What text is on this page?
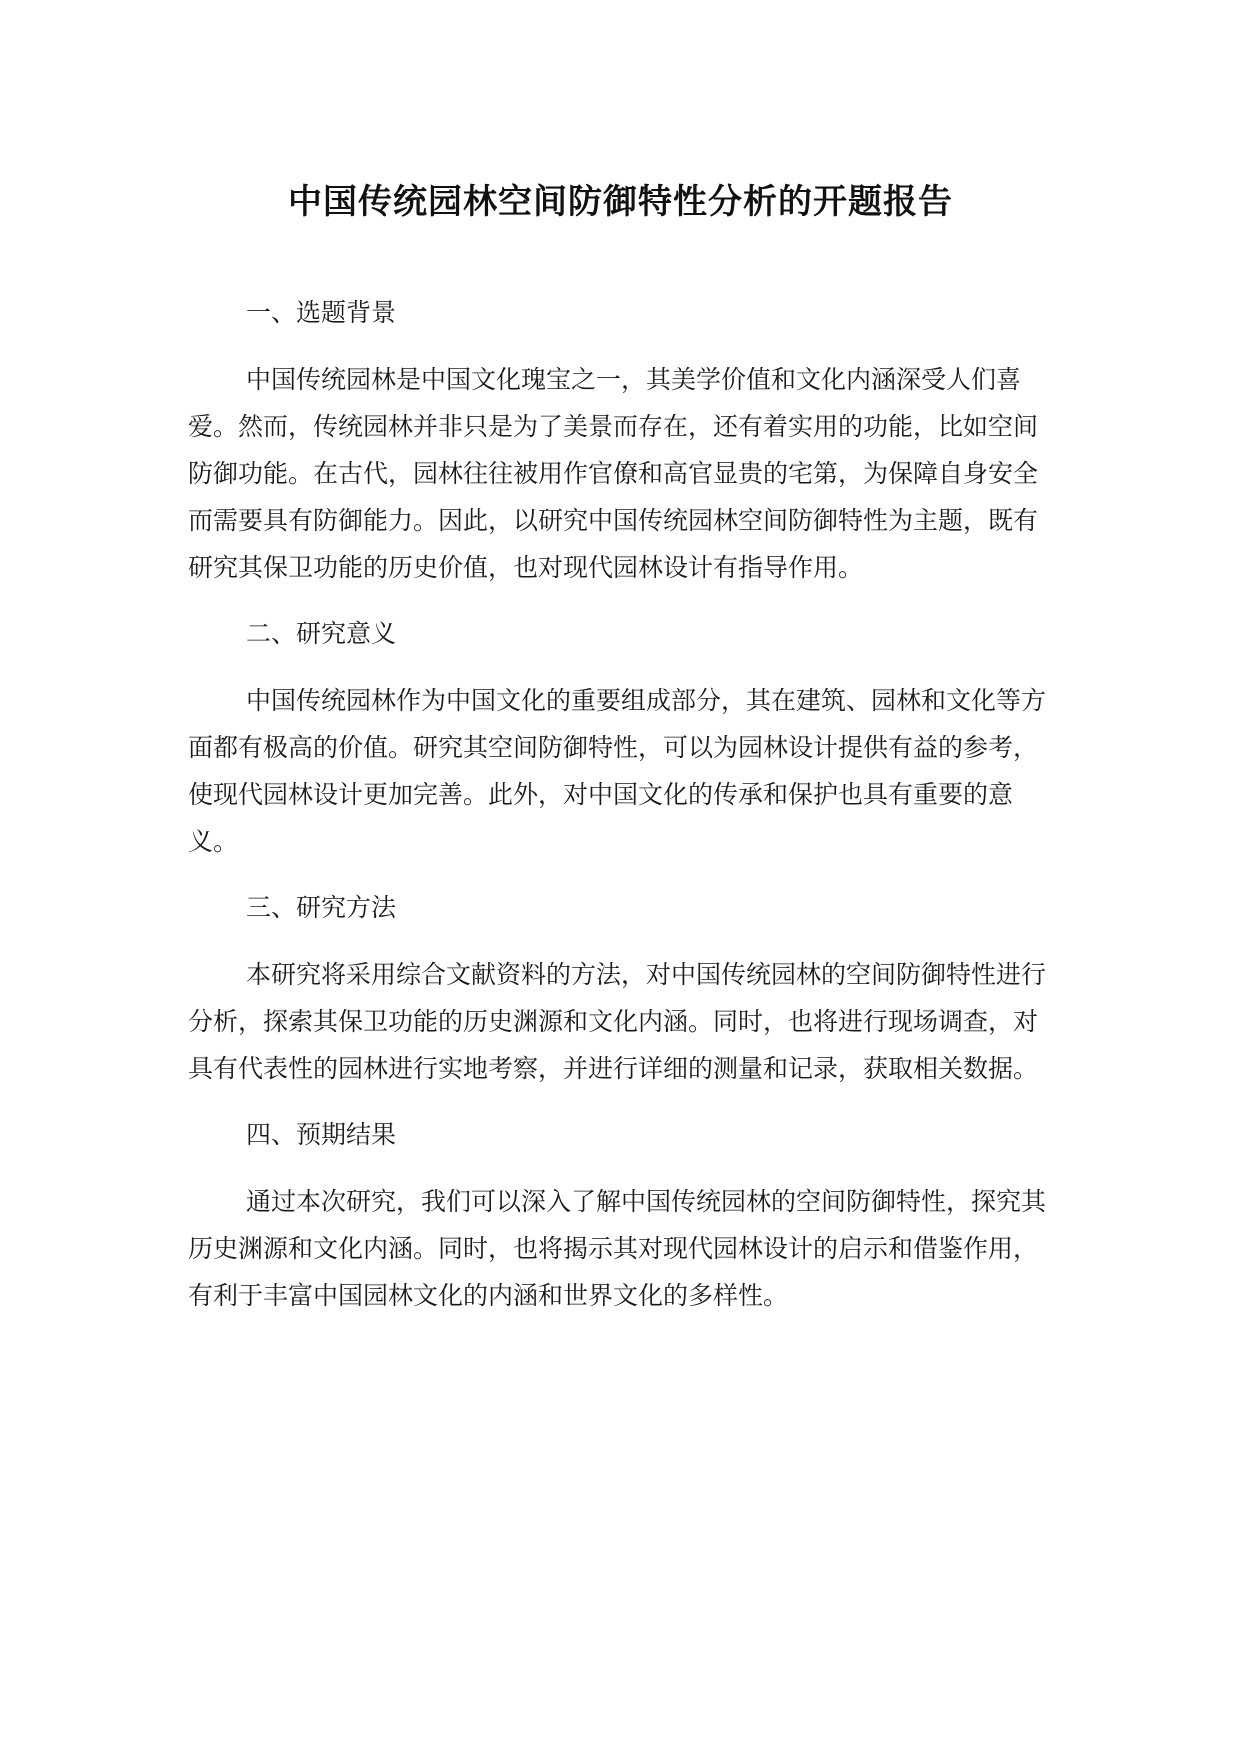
中国传统园林空间防御特性分析的开题报告
一、选题背景
中国传统园林是中国文化瑰宝之一，其美学价值和文化内涵深受人们喜爱。然而，传统园林并非只是为了美景而存在，还有着实用的功能，比如空间防御功能。在古代，园林往往被用作官僚和高官显贵的宅第，为保障自身安全而需要具有防御能力。因此，以研究中国传统园林空间防御特性为主题，既有研究其保卫功能的历史价值，也对现代园林设计有指导作用。
二、研究意义
中国传统园林作为中国文化的重要组成部分，其在建筑、园林和文化等方面都有极高的价值。研究其空间防御特性，可以为园林设计提供有益的参考，使现代园林设计更加完善。此外，对中国文化的传承和保护也具有重要的意义。
三、研究方法
本研究将采用综合文献资料的方法，对中国传统园林的空间防御特性进行分析，探索其保卫功能的历史渊源和文化内涵。同时，也将进行现场调查，对具有代表性的园林进行实地考察，并进行详细的测量和记录，获取相关数据。
四、预期结果
通过本次研究，我们可以深入了解中国传统园林的空间防御特性，探究其历史渊源和文化内涵。同时，也将揭示其对现代园林设计的启示和借鉴作用，有利于丰富中国园林文化的内涵和世界文化的多样性。
